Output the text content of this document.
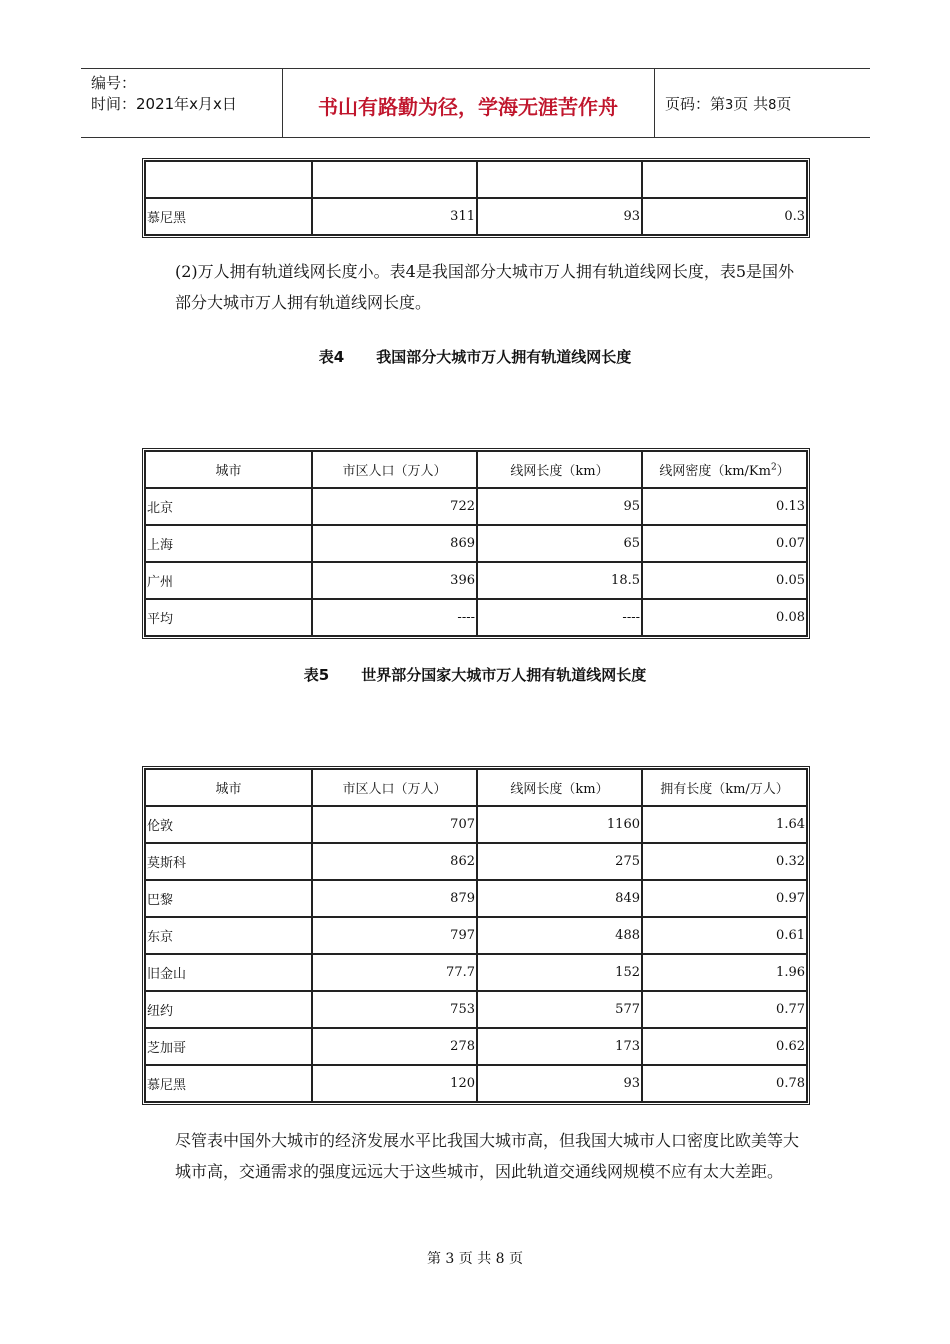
编号：
时间：2021年x月x日	书山有路勤为径，学海无涯苦作舟	页码：第3页 共8页

慕尼黑	311	93	0.3
(2)万人拥有轨道线网长度小。表4是我国部分大城市万人拥有轨道线网长度，表5是国外部分大城市万人拥有轨道线网长度。
表4 我国部分大城市万人拥有轨道线网长度
城市	市区人口（万人）	线网长度（km）	线网密度（km/Km$^2$）
北京	722	95	0.13
上海	869	65	0.07
广州	396	18.5	0.05
平均	----	----	0.08
表5 世界部分国家大城市万人拥有轨道线网长度
城市	市区人口（万人）	线网长度（km）	拥有长度（km/万人）
伦敦	707	1160	1.64
莫斯科	862	275	0.32
巴黎	879	849	0.97
东京	797	488	0.61
旧金山	77.7	152	1.96
纽约	753	577	0.77
芝加哥	278	173	0.62
慕尼黑	120	93	0.78
尽管表中国外大城市的经济发展水平比我国大城市高，但我国大城市人口密度比欧美等大城市高，交通需求的强度远远大于这些城市，因此轨道交通线网规模不应有太大差距。
第 3 页 共 8 页
